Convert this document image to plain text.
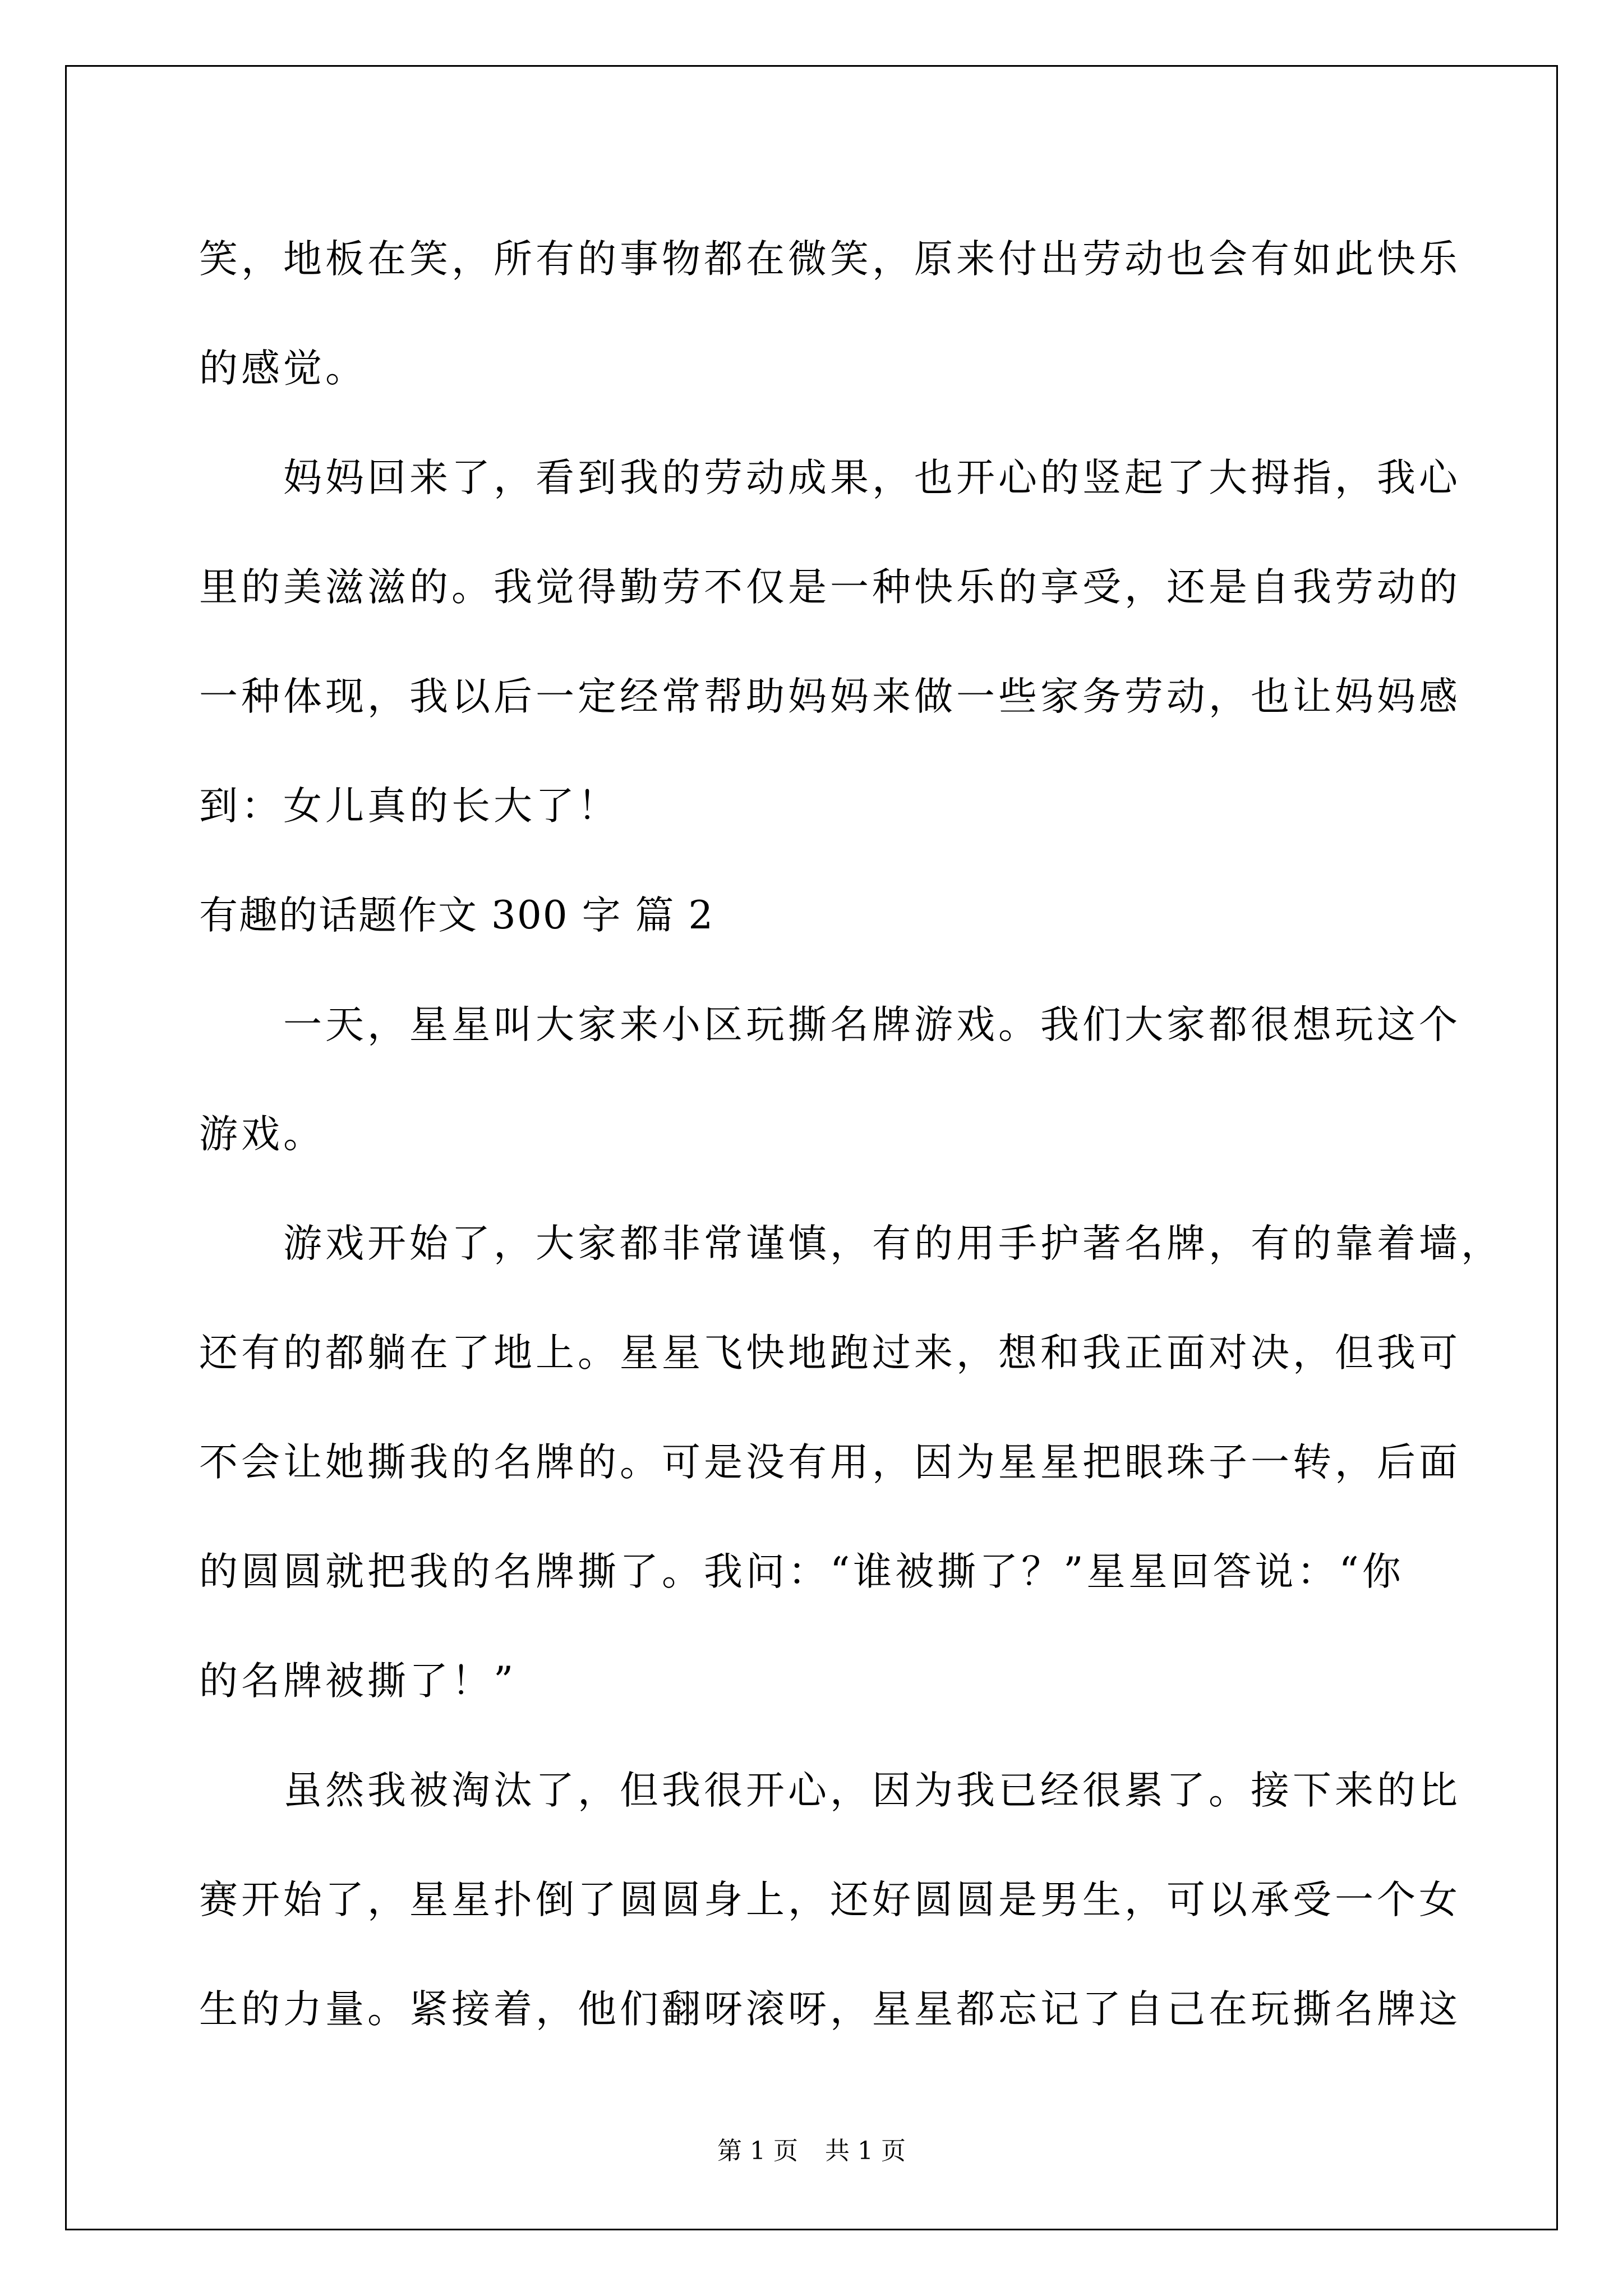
笑，地板在笑，所有的事物都在微笑，原来付出劳动也会有如此快乐
的感觉。
妈妈回来了，看到我的劳动成果，也开心的竖起了大拇指，我心
里的美滋滋的。我觉得勤劳不仅是一种快乐的享受，还是自我劳动的
一种体现，我以后一定经常帮助妈妈来做一些家务劳动，也让妈妈感
到：女儿真的长大了！
有趣的话题作文 300 字 篇 2
一天，星星叫大家来小区玩撕名牌游戏。我们大家都很想玩这个
游戏。
游戏开始了，大家都非常谨慎，有的用手护著名牌，有的靠着墙，
还有的都躺在了地上。星星飞快地跑过来，想和我正面对决，但我可
不会让她撕我的名牌的。可是没有用，因为星星把眼珠子一转，后面
的圆圆就把我的名牌撕了。我问：“谁被撕了？”星星回答说：“你
的名牌被撕了！”
虽然我被淘汰了，但我很开心，因为我已经很累了。接下来的比
赛开始了，星星扑倒了圆圆身上，还好圆圆是男生，可以承受一个女
生的力量。紧接着，他们翻呀滚呀，星星都忘记了自己在玩撕名牌这
第 1 页 共 1 页
